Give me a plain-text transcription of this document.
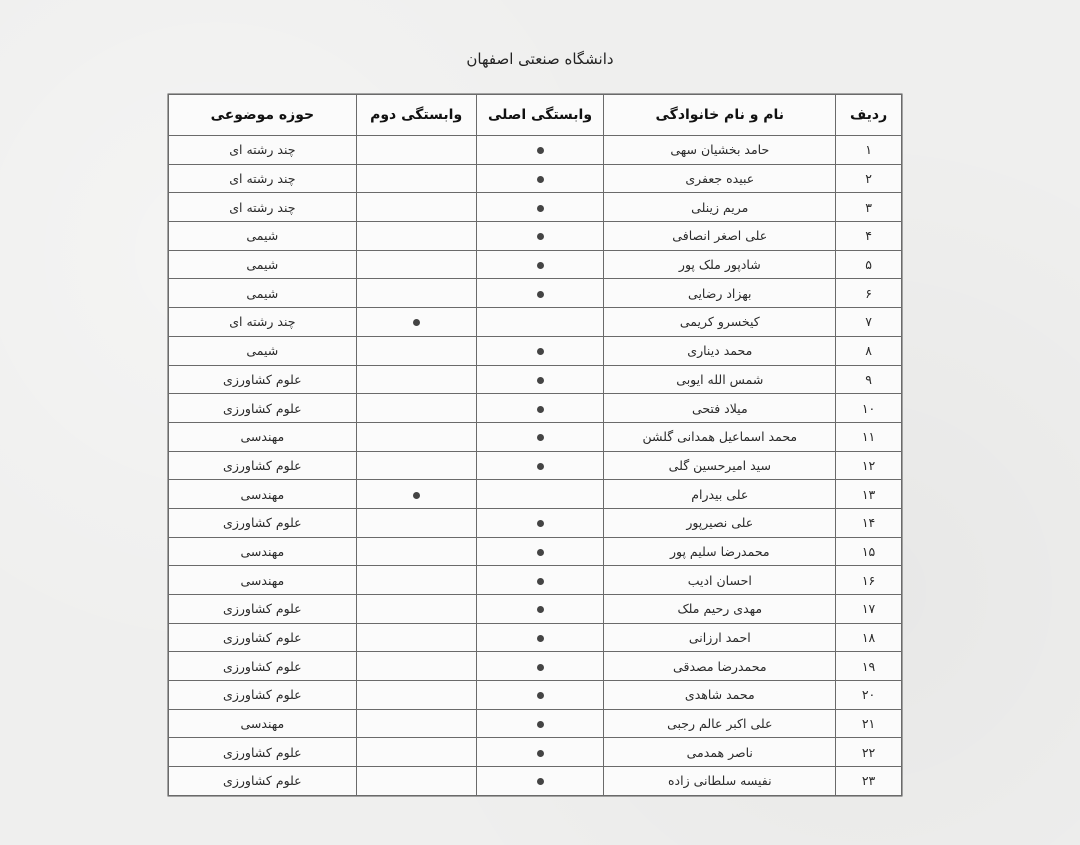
دانشگاه صنعتی اصفهان
ردیف	نام و نام خانوادگی	وابستگی اصلی	وابستگی دوم	حوزه موضوعی
۱	حامد بخشیان سهی			چند رشته ای
۲	عبیده جعفری			چند رشته ای
۳	مریم زینلی			چند رشته ای
۴	علی اصغر انصافی			شیمی
۵	شادپور ملک پور			شیمی
۶	بهزاد رضایی			شیمی
۷	کیخسرو کریمی			چند رشته ای
۸	محمد دیناری			شیمی
۹	شمس الله ایوبی			علوم کشاورزی
۱۰	میلاد فتحی			علوم کشاورزی
۱۱	محمد اسماعیل همدانی گلشن			مهندسی
۱۲	سید امیرحسین گلی			علوم کشاورزی
۱۳	علی بیدرام			مهندسی
۱۴	علی نصیرپور			علوم کشاورزی
۱۵	محمدرضا سلیم پور			مهندسی
۱۶	احسان ادیب			مهندسی
۱۷	مهدی رحیم ملک			علوم کشاورزی
۱۸	احمد ارزانی			علوم کشاورزی
۱۹	محمدرضا مصدقی			علوم کشاورزی
۲۰	محمد شاهدی			علوم کشاورزی
۲۱	علی اکبر عالم رجبی			مهندسی
۲۲	ناصر همدمی			علوم کشاورزی
۲۳	نفیسه سلطانی زاده			علوم کشاورزی
